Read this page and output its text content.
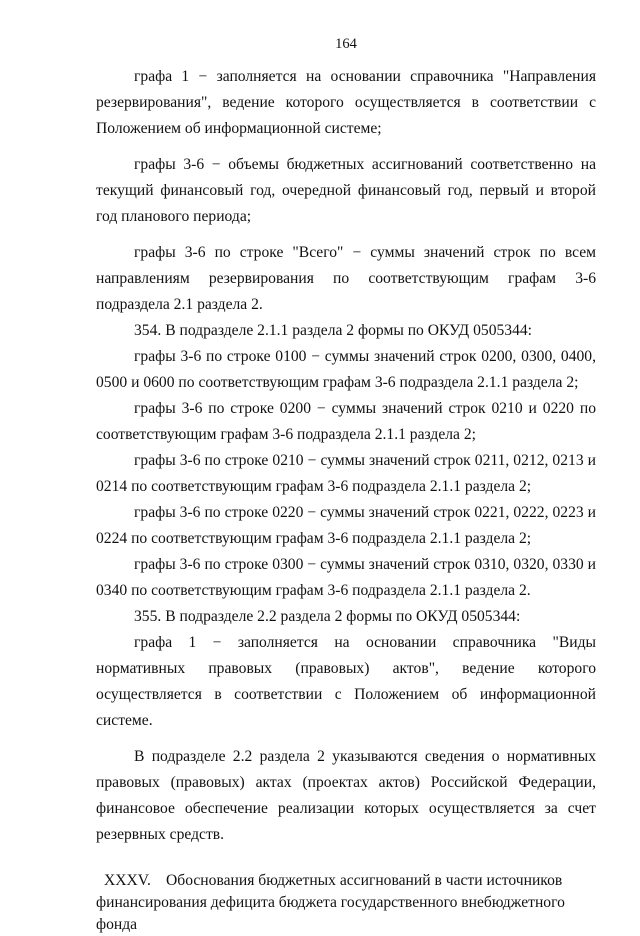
164

графа 1 − заполняется на основании справочника "Направления резервирования", ведение которого осуществляется в соответствии с Положением об информационной системе;

графы 3-6 − объемы бюджетных ассигнований соответственно на текущий финансовый год, очередной финансовый год, первый и второй год планового периода;

графы 3-6 по строке "Всего" − суммы значений строк по всем направлениям резервирования по соответствующим графам 3-6 подраздела 2.1 раздела 2.

354. В подразделе 2.1.1 раздела 2 формы по ОКУД 0505344:

графы 3-6 по строке 0100 − суммы значений строк 0200, 0300, 0400, 0500 и 0600 по соответствующим графам 3-6 подраздела 2.1.1 раздела 2;

графы 3-6 по строке 0200 − суммы значений строк 0210 и 0220 по соответствующим графам 3-6 подраздела 2.1.1 раздела 2;

графы 3-6 по строке 0210 − суммы значений строк 0211, 0212, 0213 и 0214 по соответствующим графам 3-6 подраздела 2.1.1 раздела 2;

графы 3-6 по строке 0220 − суммы значений строк 0221, 0222, 0223 и 0224 по соответствующим графам 3-6 подраздела 2.1.1 раздела 2;

графы 3-6 по строке 0300 − суммы значений строк 0310, 0320, 0330 и 0340 по соответствующим графам 3-6 подраздела 2.1.1 раздела 2.

355. В подразделе 2.2 раздела 2 формы по ОКУД 0505344:

графа 1 − заполняется на основании справочника "Виды нормативных правовых (правовых) актов", ведение которого осуществляется в соответствии с Положением об информационной системе.

В подразделе 2.2 раздела 2 указываются сведения о нормативных правовых (правовых) актах (проектах актов) Российской Федерации, финансовое обеспечение реализации которых осуществляется за счет резервных средств.

XXXV. Обоснования бюджетных ассигнований в части источников финансирования дефицита бюджета государственного внебюджетного фонда
